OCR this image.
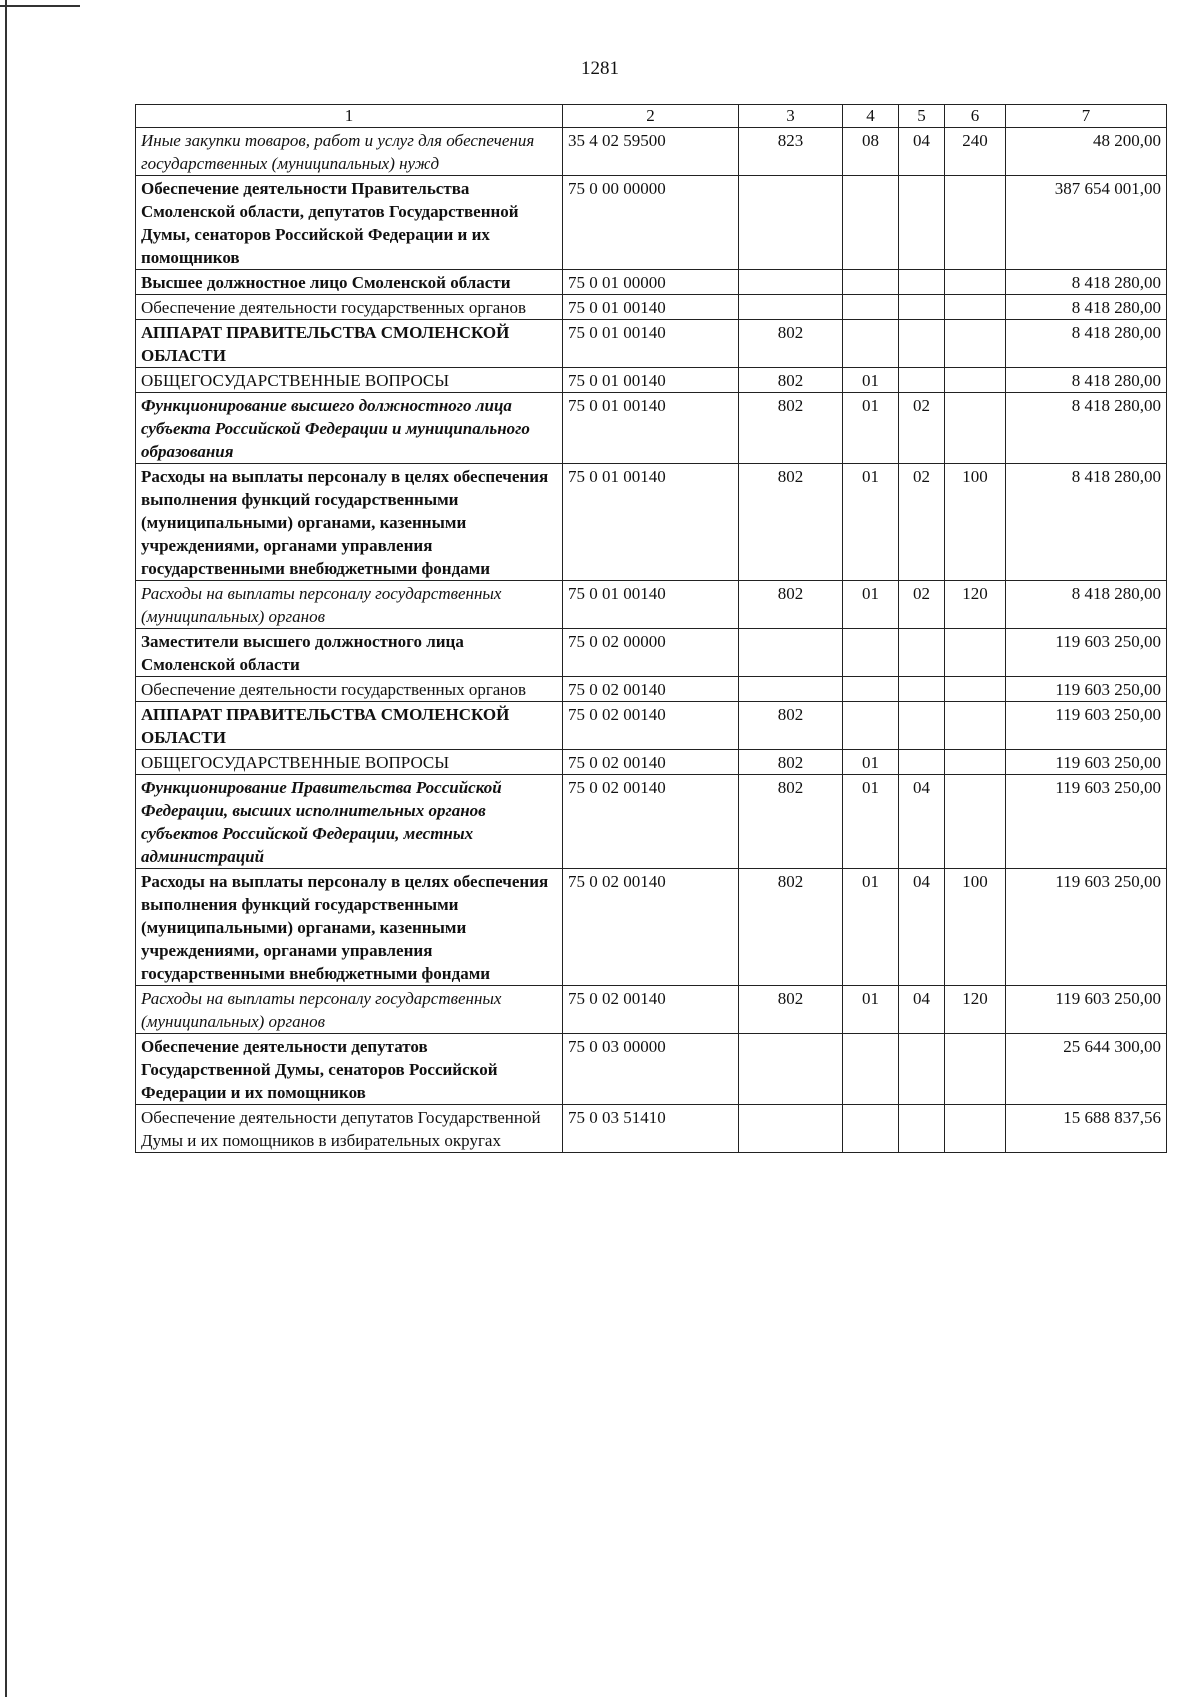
1281
1	2	3	4	5	6	7
Иные закупки товаров, работ и услуг для обеспечения государственных (муниципальных) нужд	35 4 02 59500	823	08	04	240	48 200,00
Обеспечение деятельности Правительства Смоленской области, депутатов Государственной Думы, сенаторов Российской Федерации и их помощников	75 0 00 00000					387 654 001,00
Высшее должностное лицо Смоленской области	75 0 01 00000					8 418 280,00
Обеспечение деятельности государственных органов	75 0 01 00140					8 418 280,00
АППАРАТ ПРАВИТЕЛЬСТВА СМОЛЕНСКОЙ ОБЛАСТИ	75 0 01 00140	802				8 418 280,00
ОБЩЕГОСУДАРСТВЕННЫЕ ВОПРОСЫ	75 0 01 00140	802	01			8 418 280,00
Функционирование высшего должностного лица субъекта Российской Федерации и муниципального образования	75 0 01 00140	802	01	02		8 418 280,00
Расходы на выплаты персоналу в целях обеспечения выполнения функций государственными (муниципальными) органами, казенными учреждениями, органами управления государственными внебюджетными фондами	75 0 01 00140	802	01	02	100	8 418 280,00
Расходы на выплаты персоналу государственных (муниципальных) органов	75 0 01 00140	802	01	02	120	8 418 280,00
Заместители высшего должностного лица Смоленской области	75 0 02 00000					119 603 250,00
Обеспечение деятельности государственных органов	75 0 02 00140					119 603 250,00
АППАРАТ ПРАВИТЕЛЬСТВА СМОЛЕНСКОЙ ОБЛАСТИ	75 0 02 00140	802				119 603 250,00
ОБЩЕГОСУДАРСТВЕННЫЕ ВОПРОСЫ	75 0 02 00140	802	01			119 603 250,00
Функционирование Правительства Российской Федерации, высших исполнительных органов субъектов Российской Федерации, местных администраций	75 0 02 00140	802	01	04		119 603 250,00
Расходы на выплаты персоналу в целях обеспечения выполнения функций государственными (муниципальными) органами, казенными учреждениями, органами управления государственными внебюджетными фондами	75 0 02 00140	802	01	04	100	119 603 250,00
Расходы на выплаты персоналу государственных (муниципальных) органов	75 0 02 00140	802	01	04	120	119 603 250,00
Обеспечение деятельности депутатов Государственной Думы, сенаторов Российской Федерации и их помощников	75 0 03 00000					25 644 300,00
Обеспечение деятельности депутатов Государственной Думы и их помощников в избирательных округах	75 0 03 51410					15 688 837,56
